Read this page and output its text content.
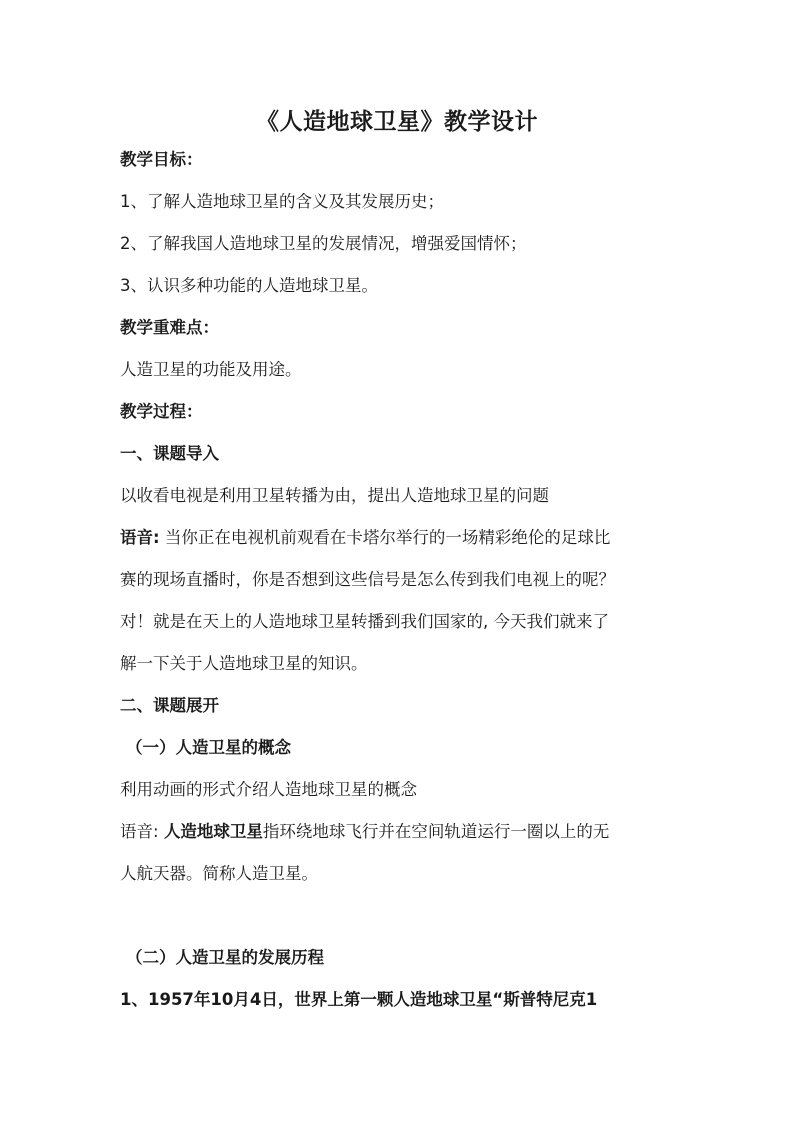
《人造地球卫星》教学设计
教学目标：
1、了解人造地球卫星的含义及其发展历史；
2、了解我国人造地球卫星的发展情况，增强爱国情怀；
3、认识多种功能的人造地球卫星。
教学重难点：
人造卫星的功能及用途。
教学过程：
一、课题导入
以收看电视是利用卫星转播为由，提出人造地球卫星的问题
语音: 当你正在电视机前观看在卡塔尔举行的一场精彩绝伦的足球比
赛的现场直播时，你是否想到这些信号是怎么传到我们电视上的呢？
对！就是在天上的人造地球卫星转播到我们国家的, 今天我们就来了
解一下关于人造地球卫星的知识。
二、课题展开
（一）人造卫星的概念
利用动画的形式介绍人造地球卫星的概念
语音: 人造地球卫星指环绕地球飞行并在空间轨道运行一圈以上的无
人航天器。简称人造卫星。
（二）人造卫星的发展历程
1、1957年10月4日，世界上第一颗人造地球卫星“斯普特尼克1
